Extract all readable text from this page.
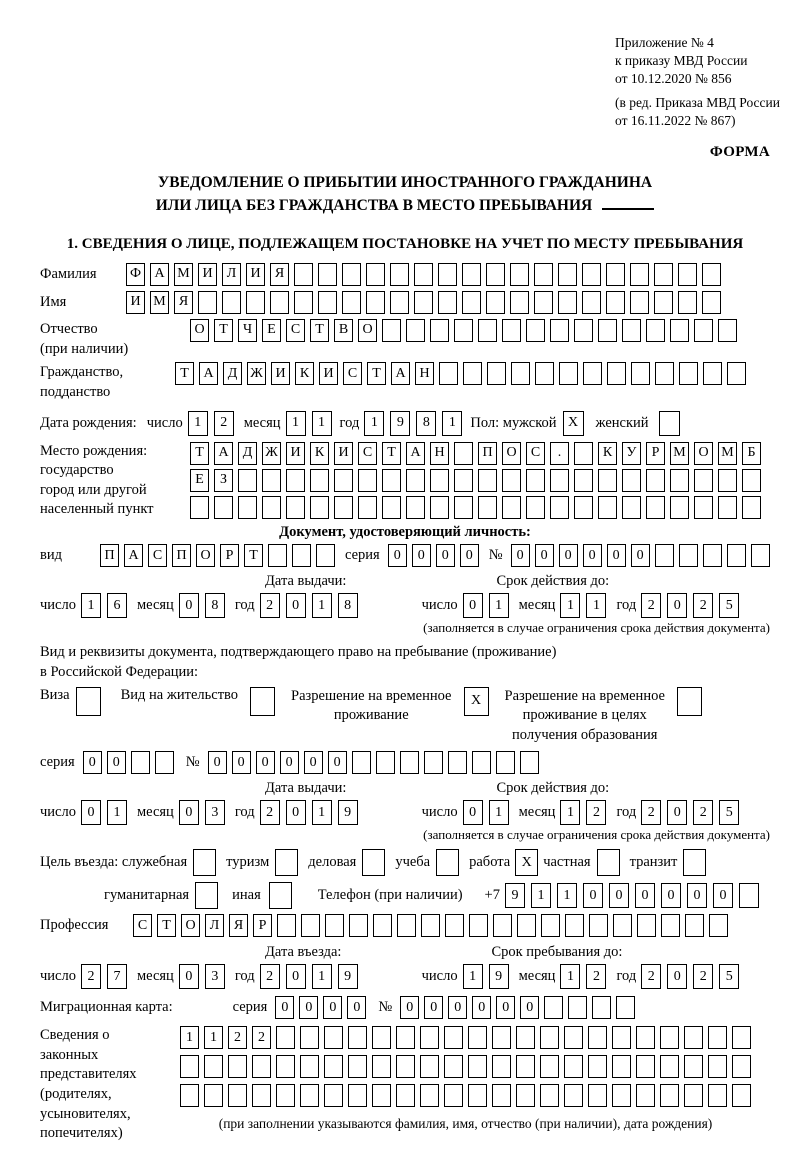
Приложение № 4
к приказу МВД России
от 10.12.2020 № 856
(в ред. Приказа МВД России
от 16.11.2022 № 867)
ФОРМА
УВЕДОМЛЕНИЕ О ПРИБЫТИИ ИНОСТРАННОГО ГРАЖДАНИНА
ИЛИ ЛИЦА БЕЗ ГРАЖДАНСТВА В МЕСТО ПРЕБЫВАНИЯ
1. СВЕДЕНИЯ О ЛИЦЕ, ПОДЛЕЖАЩЕМ ПОСТАНОВКЕ НА УЧЕТ ПО МЕСТУ ПРЕБЫВАНИЯ
Фамилия	Ф А М И	Л	И	Я
Имя	И М Я
Отчество
(при наличии)
О	Т	Ч	Е	С	Т	В	О
Гражданство,
подданство
Т	А	Д Ж И	К	И	С	Т	А Н
Дата рождения: число 1	2	месяц 1	1	год 1	9	8	1	Пол: мужской X	женский
Место рождения:
государство
город или другой
населенный пункт
Т	А	Д Ж И	К	И	С	Т	А Н	П О	С	.	К	У	Р М О М Б
Е	З
Документ, удостоверяющий личность:
вид	П А	С	П О	Р	Т	серия	0	0	0	0	№	0	0	0	0	0	0
Дата выдачи:	Срок действия до:
число 1	6	месяц 0	8	год 2	0	1	8	число 0	1	месяц 1	1	год 2	0	2	5
(заполняется в случае ограничения срока действия документа)
Вид и реквизиты документа, подтверждающего право на пребывание (проживание)
в Российской Федерации:
Виза	Вид на жительство	Разрешение на временное
проживание
X	Разрешение на временное
проживание в целях
получения образования
серия	0	0	№	0	0	0	0	0	0
Дата выдачи:	Срок действия до:
число 0	1	месяц 0	3	год 2	0	1	9	число 0	1	месяц 1	2	год 2	0	2	5
(заполняется в случае ограничения срока действия документа)
Цель въезда: служебная	туризм	деловая	учеба	работа X частная	транзит
гуманитарная	иная	Телефон (при наличии) +7 9	1	1	0	0	0	0	0	0
Профессия	С	Т	О	Л	Я	Р
Дата въезда:	Срок пребывания до:
число 2	7	месяц 0	3	год 2	0	1	9	число 1	9	месяц 1	2	год 2	0	2	5
Миграционная карта:	серия	0	0	0	0	№	0	0	0	0	0	0
Сведения о
законных
представителях
(родителях,
усыновителях,
попечителях)
1	1	2	2
(при заполнении указываются фамилия, имя, отчество (при наличии), дата рождения)
